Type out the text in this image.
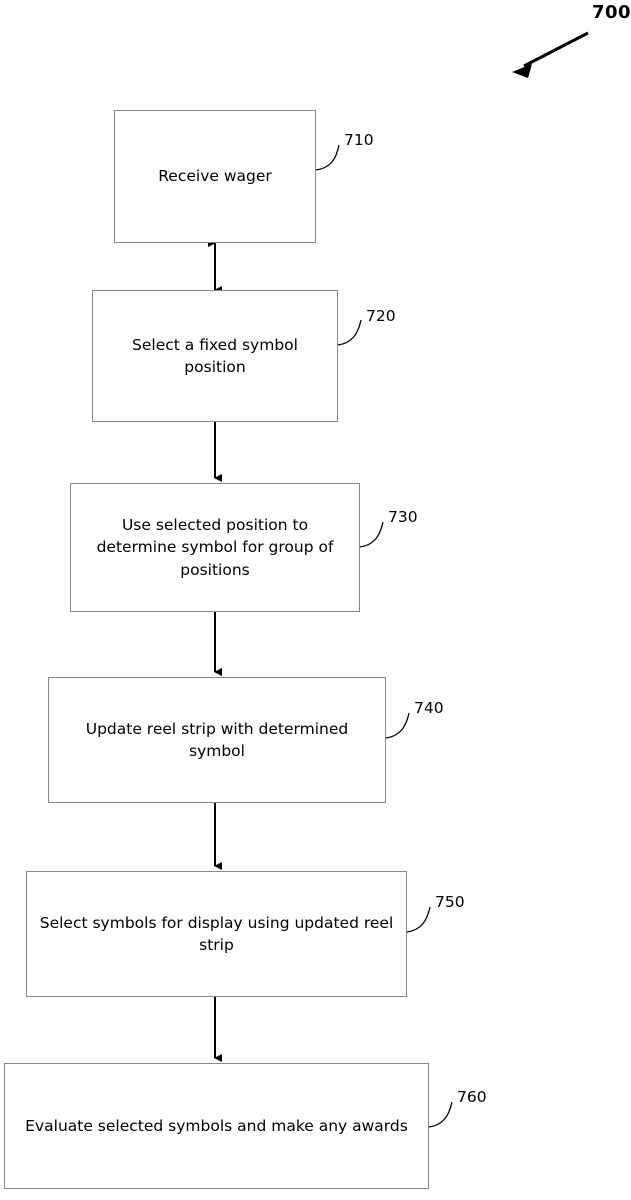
700
Receive wager
710
Select a fixed symbol position
720
Use selected position to determine symbol for group of positions
730
Update reel strip with determined symbol
740
Select symbols for display using updated reel strip
750
Evaluate selected symbols and make any awards
760
